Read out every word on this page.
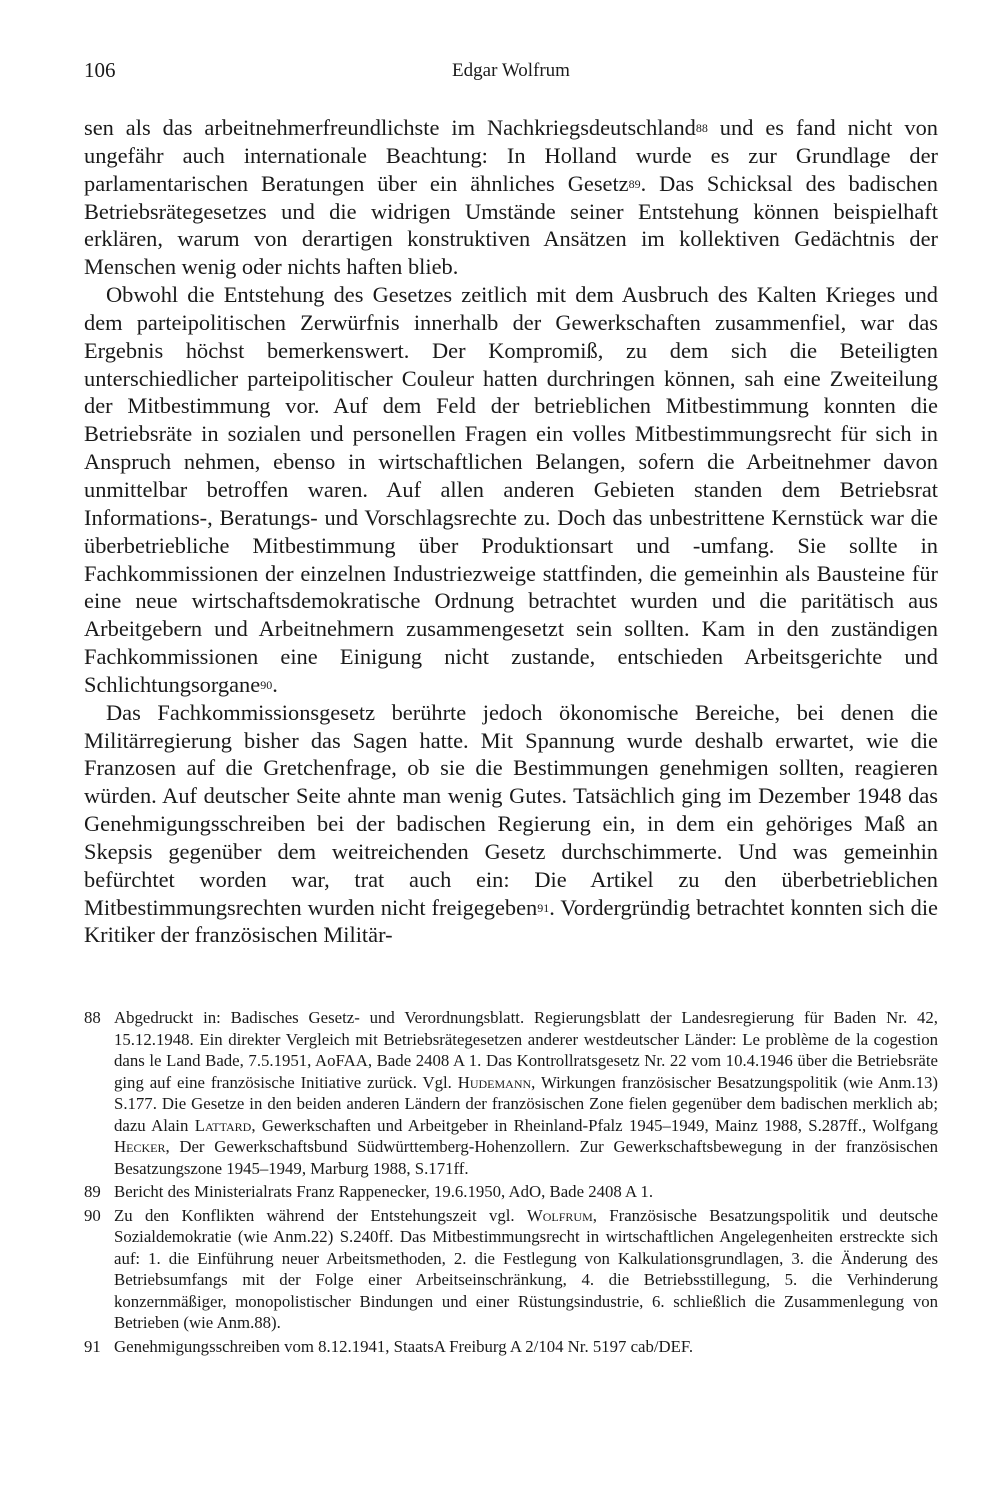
106	Edgar Wolfrum

sen als das arbeitnehmerfreundlichste im Nachkriegsdeutschland$^{88}$ und es fand nicht von ungefähr auch internationale Beachtung: In Holland wurde es zur Grundlage der parlamentarischen Beratungen über ein ähnliches Gesetz$^{89}$. Das Schicksal des badischen Betriebsrätegesetzes und die widrigen Umstände seiner Entstehung können beispielhaft erklären, warum von derartigen konstruktiven Ansätzen im kollektiven Gedächtnis der Menschen wenig oder nichts haften blieb.

Obwohl die Entstehung des Gesetzes zeitlich mit dem Ausbruch des Kalten Krieges und dem parteipolitischen Zerwürfnis innerhalb der Gewerkschaften zusammenfiel, war das Ergebnis höchst bemerkenswert. Der Kompromiß, zu dem sich die Beteiligten unterschiedlicher parteipolitischer Couleur hatten durchringen können, sah eine Zweiteilung der Mitbestimmung vor. Auf dem Feld der betrieblichen Mitbestimmung konnten die Betriebsräte in sozialen und personellen Fragen ein volles Mitbestimmungsrecht für sich in Anspruch nehmen, ebenso in wirtschaftlichen Belangen, sofern die Arbeitnehmer davon unmittelbar betroffen waren. Auf allen anderen Gebieten standen dem Betriebsrat Informations-, Beratungs- und Vorschlagsrechte zu. Doch das unbestrittene Kernstück war die überbetriebliche Mitbestimmung über Produktionsart und -umfang. Sie sollte in Fachkommissionen der einzelnen Industriezweige stattfinden, die gemeinhin als Bausteine für eine neue wirtschaftsdemokratische Ordnung betrachtet wurden und die paritätisch aus Arbeitgebern und Arbeitnehmern zusammengesetzt sein sollten. Kam in den zuständigen Fachkommissionen eine Einigung nicht zustande, entschieden Arbeitsgerichte und Schlichtungsorgane$^{90}$.

Das Fachkommissionsgesetz berührte jedoch ökonomische Bereiche, bei denen die Militärregierung bisher das Sagen hatte. Mit Spannung wurde deshalb erwartet, wie die Franzosen auf die Gretchenfrage, ob sie die Bestimmungen genehmigen sollten, reagieren würden. Auf deutscher Seite ahnte man wenig Gutes. Tatsächlich ging im Dezember 1948 das Genehmigungsschreiben bei der badischen Regierung ein, in dem ein gehöriges Maß an Skepsis gegenüber dem weitreichenden Gesetz durchschimmerte. Und was gemeinhin befürchtet worden war, trat auch ein: Die Artikel zu den überbetrieblichen Mitbestimmungsrechten wurden nicht freigegeben$^{91}$. Vordergründig betrachtet konnten sich die Kritiker der französischen Militär-

88 Abgedruckt in: Badisches Gesetz- und Verordnungsblatt. Regierungsblatt der Landesregierung für Baden Nr. 42, 15.12.1948. Ein direkter Vergleich mit Betriebsrätegesetzen anderer westdeutscher Länder: Le problème de la cogestion dans le Land Bade, 7.5.1951, AoFAA, Bade 2408 A 1. Das Kontrollratsgesetz Nr. 22 vom 10.4.1946 über die Betriebsräte ging auf eine französische Initiative zurück. Vgl. Hudemann, Wirkungen französischer Besatzungspolitik (wie Anm.13) S.177. Die Gesetze in den beiden anderen Ländern der französischen Zone fielen gegenüber dem badischen merklich ab; dazu Alain Lattard, Gewerkschaften und Arbeitgeber in Rheinland-Pfalz 1945–1949, Mainz 1988, S.287ff., Wolfgang Hecker, Der Gewerkschaftsbund Südwürttemberg-Hohenzollern. Zur Gewerkschaftsbewegung in der französischen Besatzungszone 1945–1949, Marburg 1988, S.171ff.
89 Bericht des Ministerialrats Franz Rappenecker, 19.6.1950, AdO, Bade 2408 A 1.
90 Zu den Konflikten während der Entstehungszeit vgl. Wolfrum, Französische Besatzungspolitik und deutsche Sozialdemokratie (wie Anm.22) S.240ff. Das Mitbestimmungsrecht in wirtschaftlichen Angelegenheiten erstreckte sich auf: 1. die Einführung neuer Arbeitsmethoden, 2. die Festlegung von Kalkulationsgrundlagen, 3. die Änderung des Betriebsumfangs mit der Folge einer Arbeitseinschränkung, 4. die Betriebsstillegung, 5. die Verhinderung konzernmäßiger, monopolistischer Bindungen und einer Rüstungsindustrie, 6. schließlich die Zusammenlegung von Betrieben (wie Anm.88).
91 Genehmigungsschreiben vom 8.12.1941, StaatsA Freiburg A 2/104 Nr. 5197 cab/DEF.
